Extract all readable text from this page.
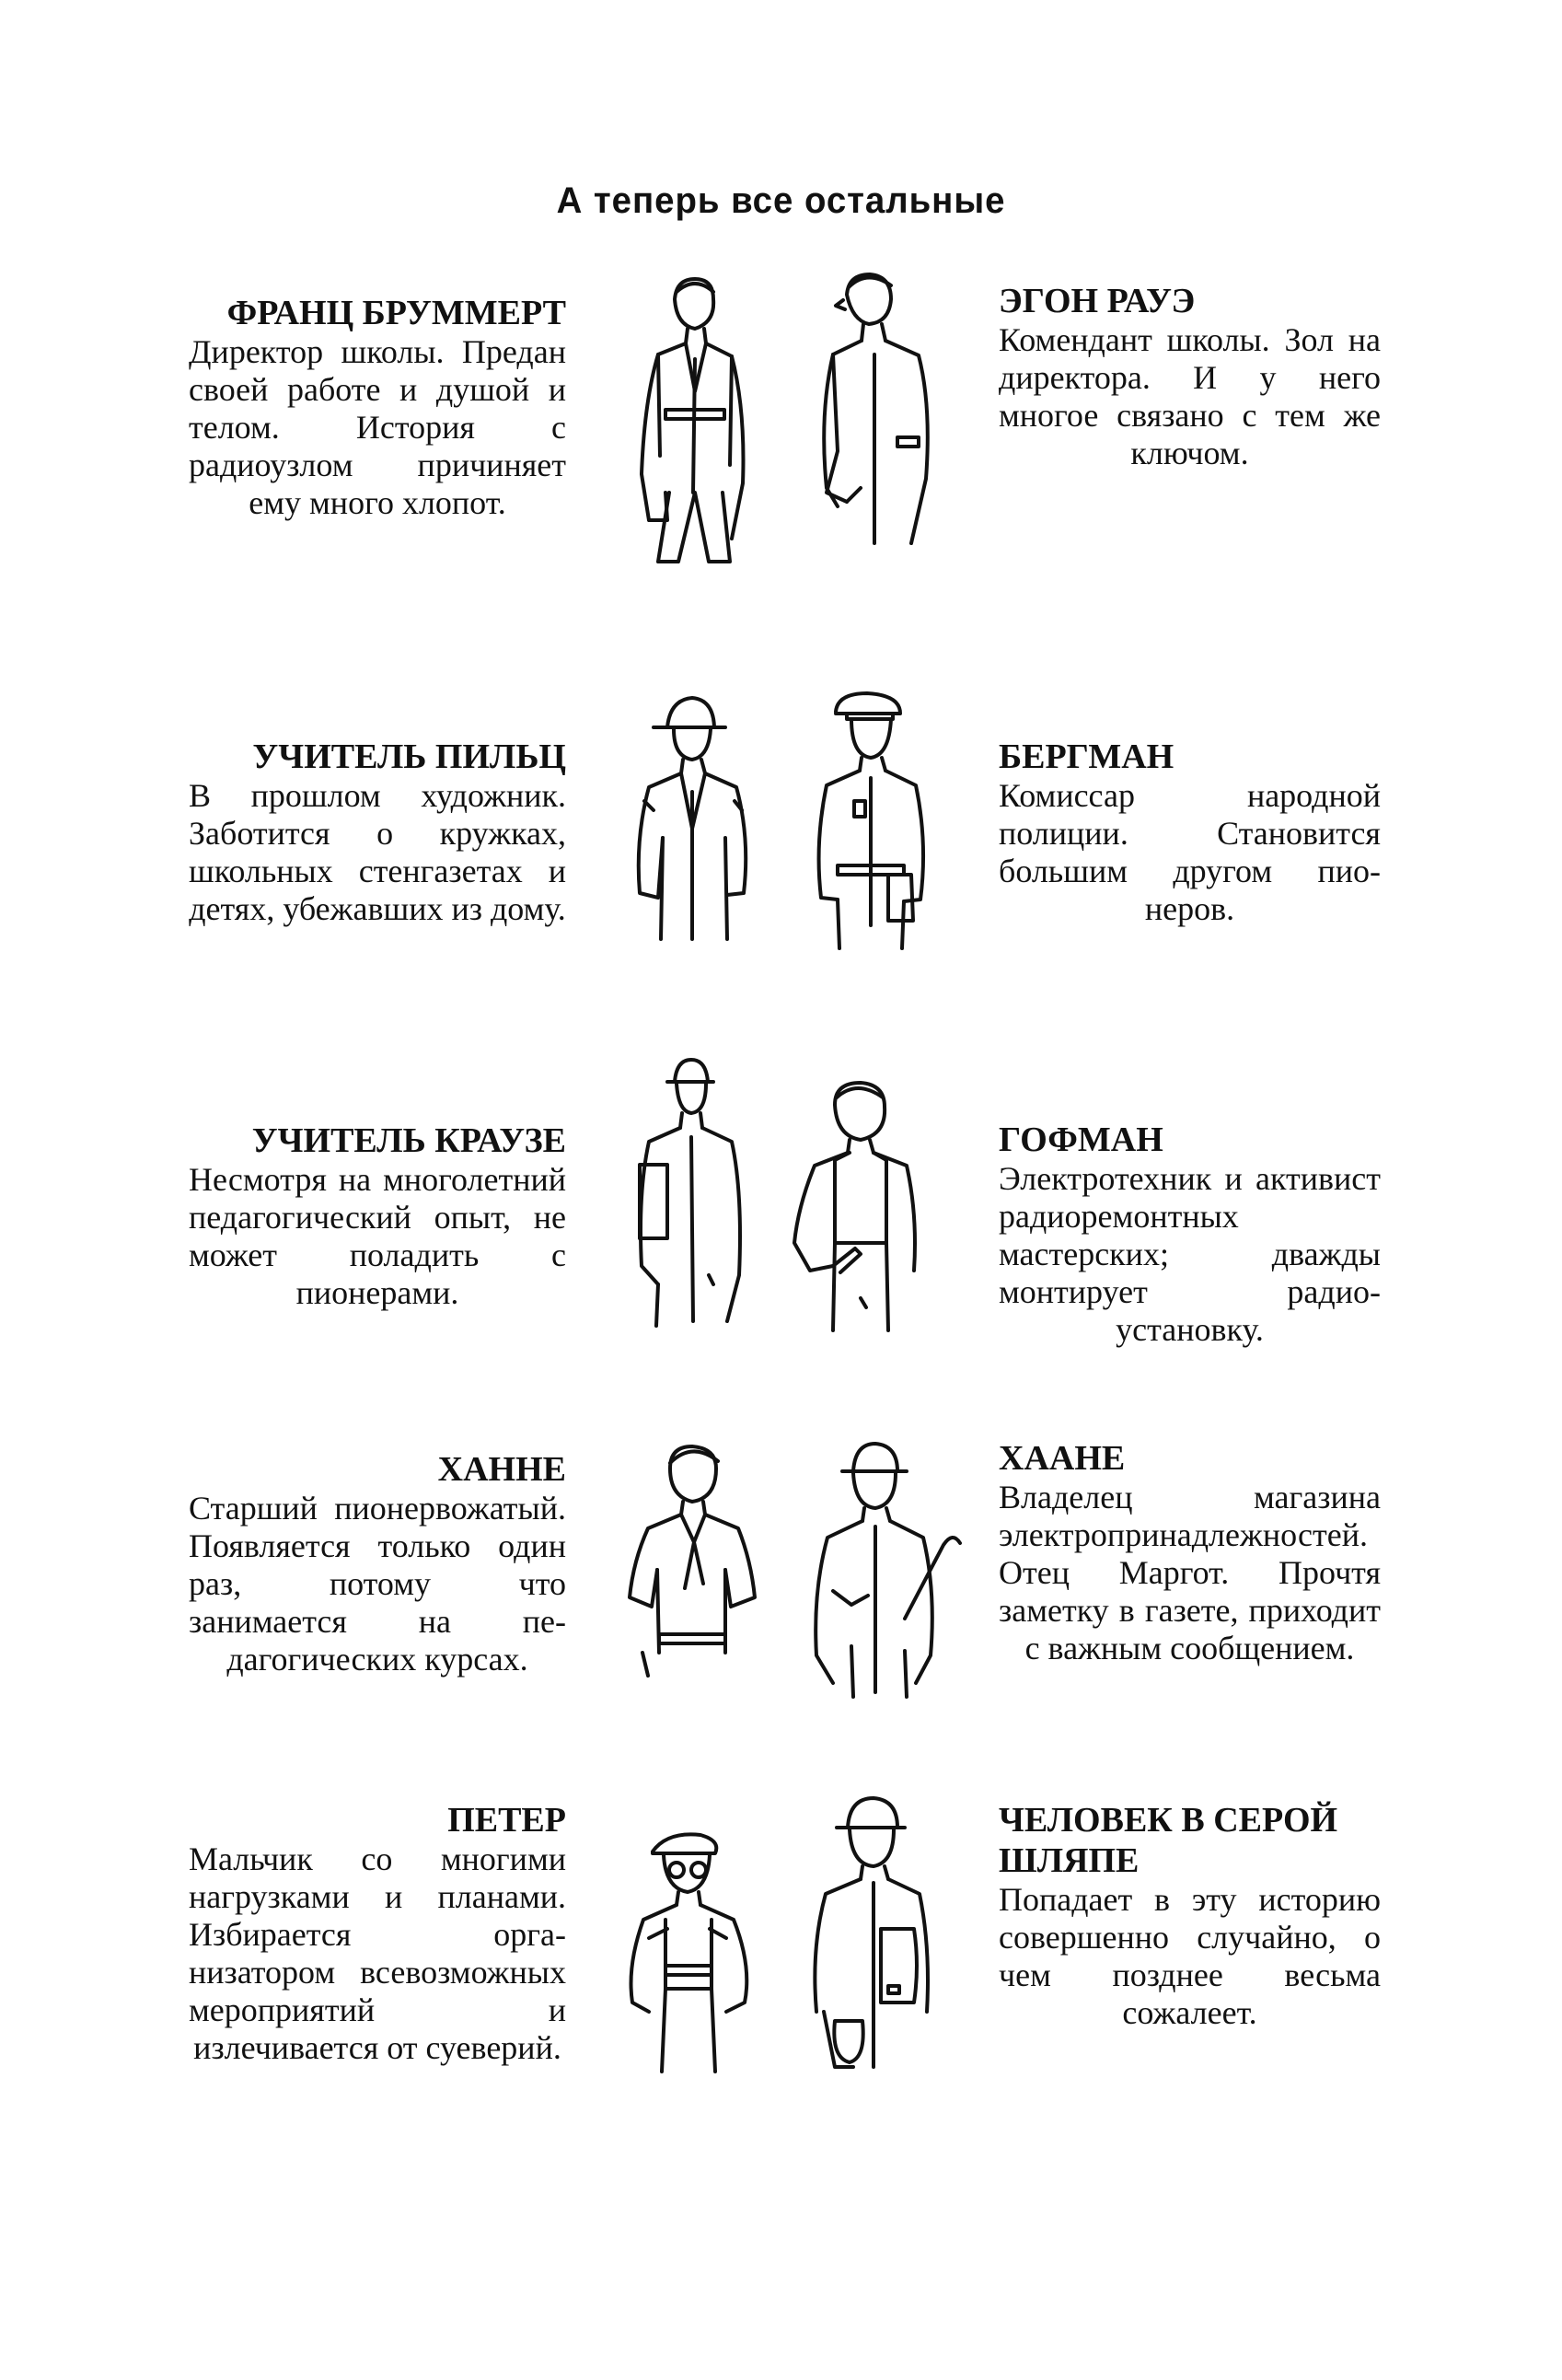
А теперь все остальные
ФРАНЦ БРУММЕРТ
Директор школы. Предан своей работе и душой и телом. История с радиоузлом причиняет ему много хлопот.
ЭГОН РАУЭ
Комендант школы. Зол на директора. И у него многое связано с тем же ключом.
УЧИТЕЛЬ ПИЛЬЦ
В прошлом художник. Заботится о кружках, школьных стенгазетах и детях, убежавших из дому.
БЕРГМАН
Комиссар народной полиции. Становится большим другом пионеров.
УЧИТЕЛЬ КРАУЗЕ
Несмотря на многолетний педагогический опыт, не может поладить с пионерами.
ГОФМАН
Электротехник и активист радиоремонтных мастерских; дважды монтирует радиоустановку.
ХАННЕ
Старший пионервожатый. Появляется только один раз, потому что занимается на педагогических курсах.
ХААНЕ
Владелец магазина электропринадлежностей. Отец Маргот. Прочтя заметку в газете, приходит с важным сообщением.
ПЕТЕР
Мальчик со многими нагрузками и планами. Избирается организатором всевозможных мероприятий и излечивается от суеверий.
ЧЕЛОВЕК В СЕРОЙ ШЛЯПЕ
Попадает в эту историю совершенно случайно, о чем позднее весьма сожалеет.
